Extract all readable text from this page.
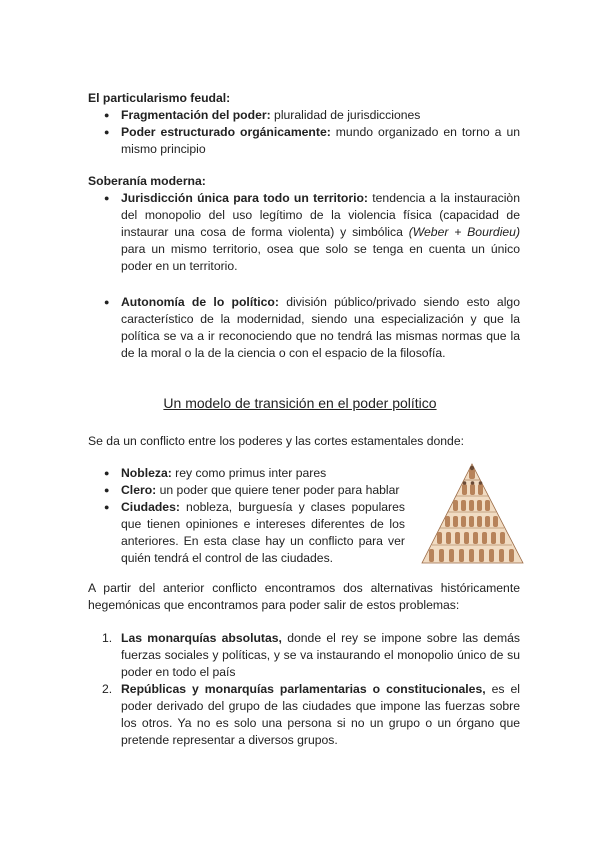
El particularismo feudal:

● Fragmentación del poder: pluralidad de jurisdicciones
● Poder estructurado orgánicamente: mundo organizado en torno a un mismo principio

Soberanía moderna:

● Jurisdicción única para todo un territorio: tendencia a la instauraciòn del monopolio del uso legítimo de la violencia física (capacidad de instaurar una cosa de forma violenta) y simbólica (Weber + Bourdieu) para un mismo territorio, osea que solo se tenga en cuenta un único poder en un territorio.
● Autonomía de lo político: división público/privado siendo esto algo característico de la modernidad, siendo una especialización y que la política se va a ir reconociendo que no tendrá las mismas normas que la de la moral o la de la ciencia o con el espacio de la filosofía.
Un modelo de transición en el poder político

Se da un conflicto entre los poderes y las cortes estamentales donde:

● Nobleza: rey como primus inter pares
● Clero: un poder que quiere tener poder para hablar
● Ciudades: nobleza, burguesía y clases populares que tienen opiniones e intereses diferentes de los anteriores. En esta clase hay un conflicto para ver quién tendrá el control de las ciudades.

A partir del anterior conflicto encontramos dos alternativas históricamente hegemónicas que encontramos para poder salir de estos problemas:

1. Las monarquías absolutas, donde el rey se impone sobre las demás fuerzas sociales y políticas, y se va instaurando el monopolio único de su poder en todo el país
2. Repúblicas y monarquías parlamentarias o constitucionales, es el poder derivado del grupo de las ciudades que impone las fuerzas sobre los otros. Ya no es solo una persona si no un grupo o un órgano que pretende representar a diversos grupos.
